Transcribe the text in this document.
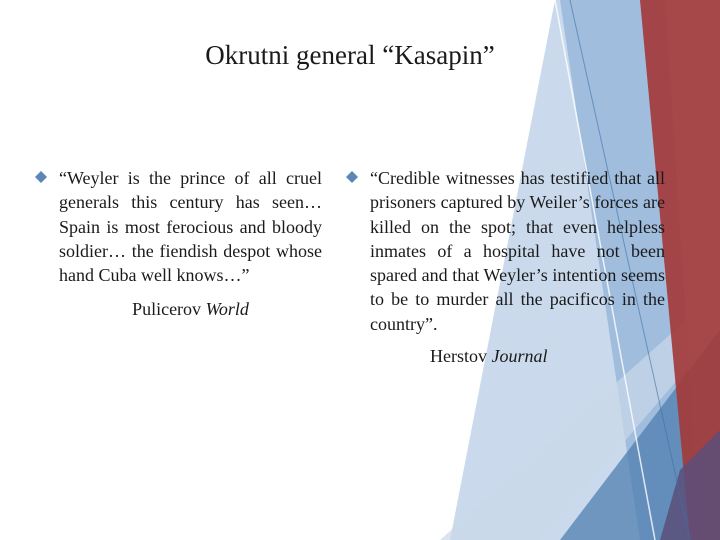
Okrutni general “Kasapin”

“Weyler is the prince of all cruel generals this century has seen… Spain is most ferocious and bloody soldier… the fiendish despot whose hand Cuba well knows…”

Pulicerov World

“Credible witnesses has testified that all prisoners captured by Weiler’s forces are killed on the spot; that even helpless inmates of a hospital have not been spared and that Weyler’s intention seems to be to murder all the pacificos in the country”.

Herstov Journal
